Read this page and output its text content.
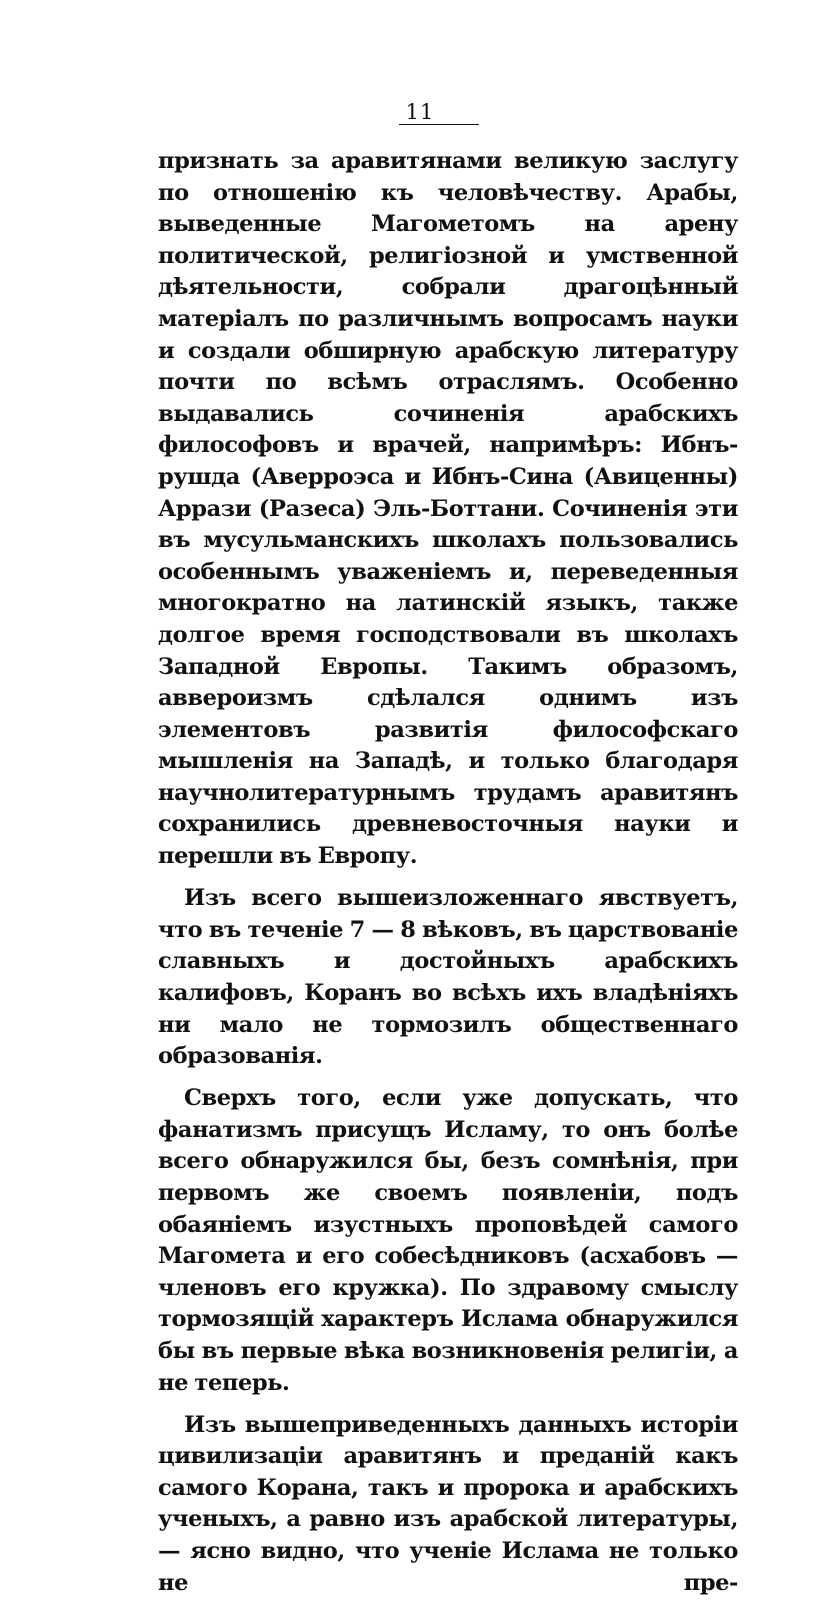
11

признать за аравитянами великую заслугу по отношенію къ человѣчеству. Арабы, выведенные Магометомъ на арену политической, религіозной и умственной дѣятельности, собрали драгоцѣнный матеріалъ по различнымъ вопросамъ науки и создали обширную арабскую литературу почти по всѣмъ отраслямъ. Особенно выдавались сочиненія арабскихъ философовъ и врачей, напримѣръ: Ибнъ-рушда (Аверроэса и Ибнъ-Сина (Авиценны) Аррази (Разеса) Эль-Боттани. Сочиненія эти въ мусульманскихъ школахъ пользовались особеннымъ уваженіемъ и, переведенныя многократно на латинскій языкъ, также долгое время господствовали въ школахъ Западной Европы. Такимъ образомъ, аввероизмъ сдѣлался однимъ изъ элементовъ развитія философскаго мышленія на Западѣ, и только благодаря научнолитературнымъ трудамъ аравитянъ сохранились древневосточныя науки и перешли въ Европу.

Изъ всего вышеизложеннаго явствуетъ, что въ теченіе 7 — 8 вѣковъ, въ царствованіе славныхъ и достойныхъ арабскихъ калифовъ, Коранъ во всѣхъ ихъ владѣніяхъ ни мало не тормозилъ общественнаго образованія.

Сверхъ того, если уже допускать, что фанатизмъ присущъ Исламу, то онъ болѣе всего обнаружился бы, безъ сомнѣнія, при первомъ же своемъ появленіи, подъ обаяніемъ изустныхъ проповѣдей самого Магомета и его собесѣдниковъ (асхабовъ — членовъ его кружка). По здравому смыслу тормозящій характеръ Ислама обнаружился бы въ первые вѣка возникновенія религіи, а не теперь.

Изъ вышеприведенныхъ данныхъ исторіи цивилизаціи аравитянъ и преданій какъ самого Корана, такъ и пророка и арабскихъ ученыхъ, а равно изъ арабской литературы, — ясно видно, что ученіе Ислама не только не пре-
